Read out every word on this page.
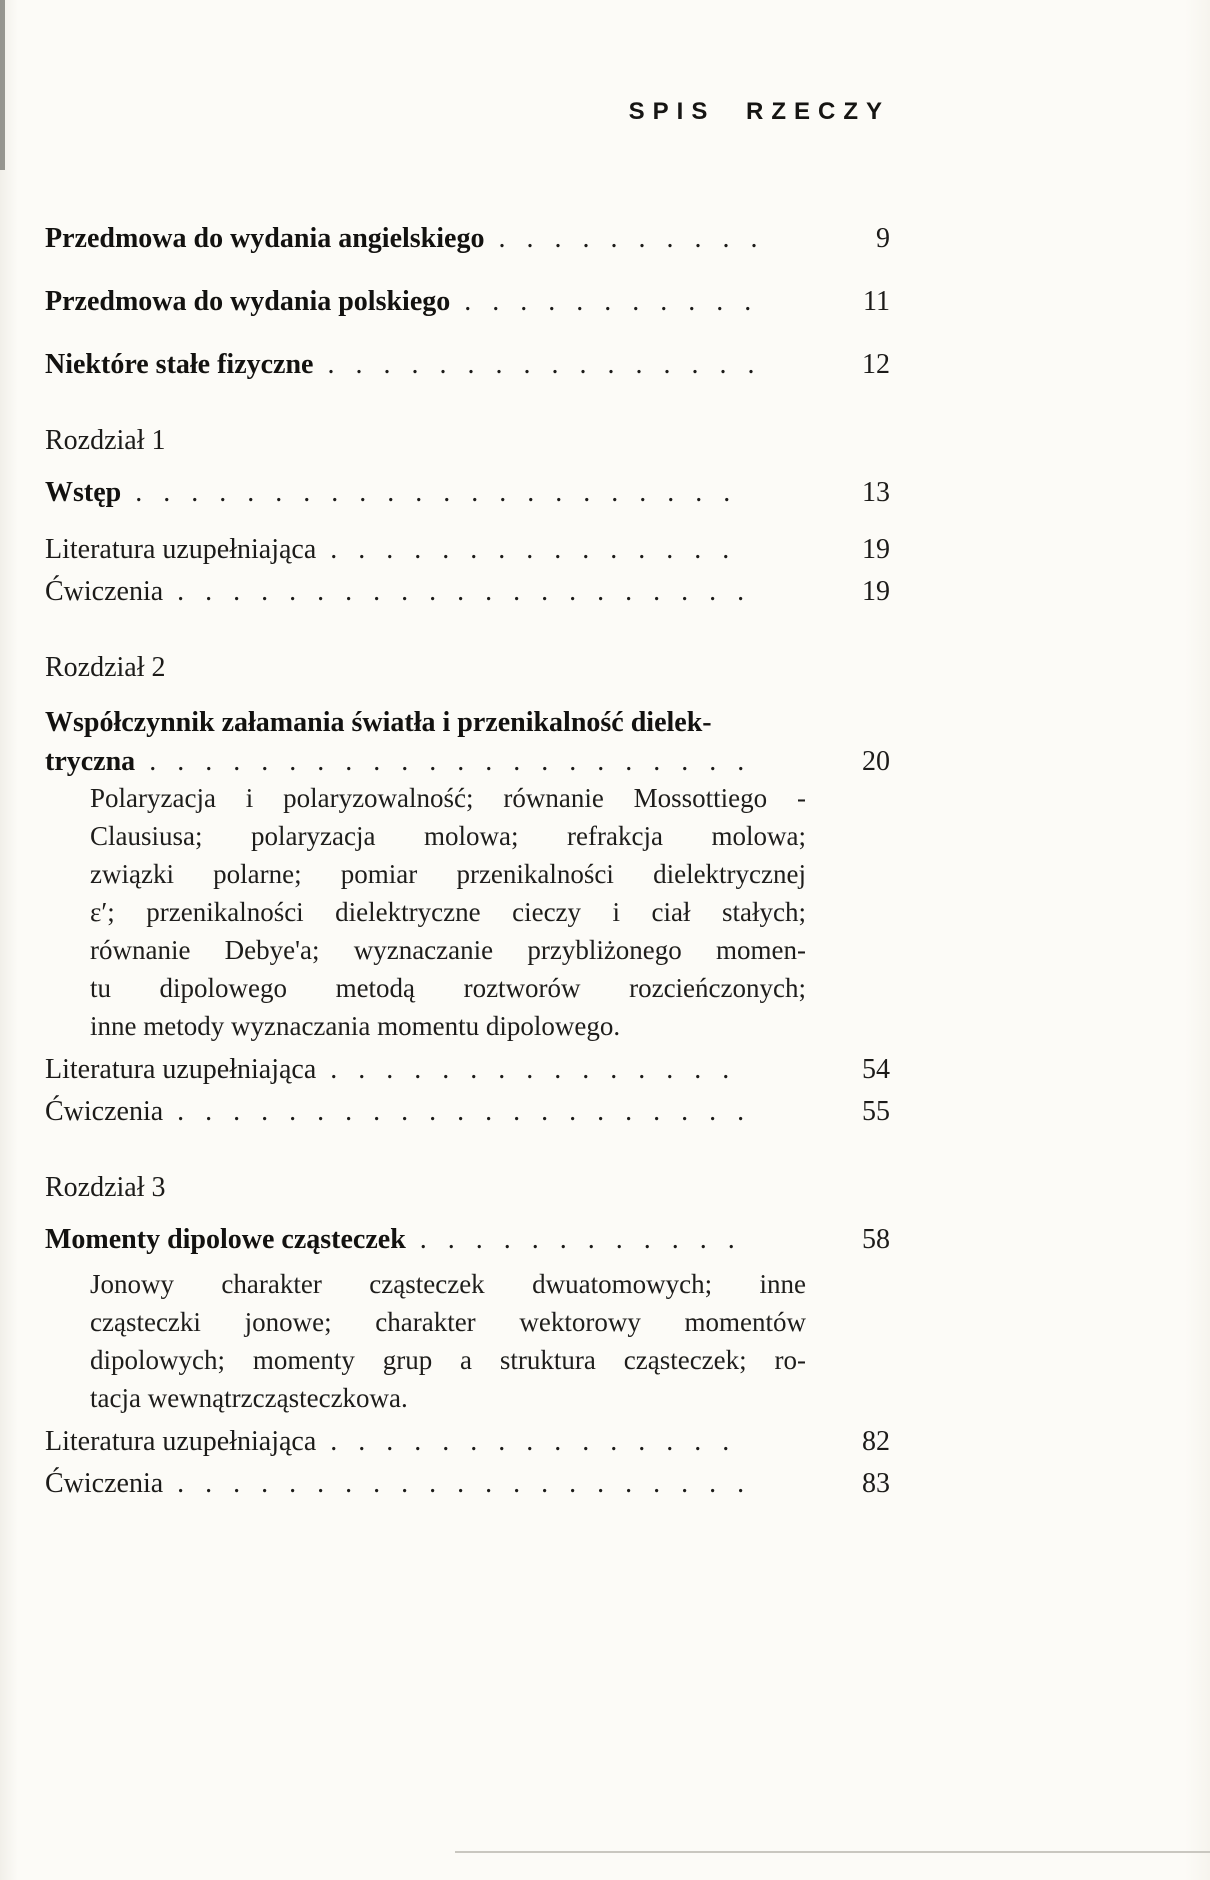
SPIS RZECZY
Przedmowa do wydania angielskiego . . . . . . . . . .	9
Przedmowa do wydania polskiego . . . . . . . . . . .	11
Niektóre stałe fizyczne . . . . . . . . . . . . . . . .	12
Rozdział 1
Wstęp . . . . . . . . . . . . . . . . . . . . . .	13
Literatura uzupełniająca . . . . . . . . . . . . . . .	19
Ćwiczenia . . . . . . . . . . . . . . . . . . . . .	19
Rozdział 2
Współczynnik załamania światła i przenikalność dielek-
tryczna . . . . . . . . . . . . . . . . . . . . . .	20
Polaryzacja i polaryzowalność; równanie Mossottiego -
Clausiusa; polaryzacja molowa; refrakcja molowa;
związki polarne; pomiar przenikalności dielektrycznej
ε′; przenikalności dielektryczne cieczy i ciał stałych;
równanie Debye'a; wyznaczanie przybliżonego momen-
tu dipolowego metodą roztworów rozcieńczonych;
inne metody wyznaczania momentu dipolowego.
Literatura uzupełniająca . . . . . . . . . . . . . . .	54
Ćwiczenia . . . . . . . . . . . . . . . . . . . . .	55
Rozdział 3
Momenty dipolowe cząsteczek . . . . . . . . . . . .	58
Jonowy charakter cząsteczek dwuatomowych; inne
cząsteczki jonowe; charakter wektorowy momentów
dipolowych; momenty grup a struktura cząsteczek; ro-
tacja wewnątrzcząsteczkowa.
Literatura uzupełniająca . . . . . . . . . . . . . . .	82
Ćwiczenia . . . . . . . . . . . . . . . . . . . . .	83
